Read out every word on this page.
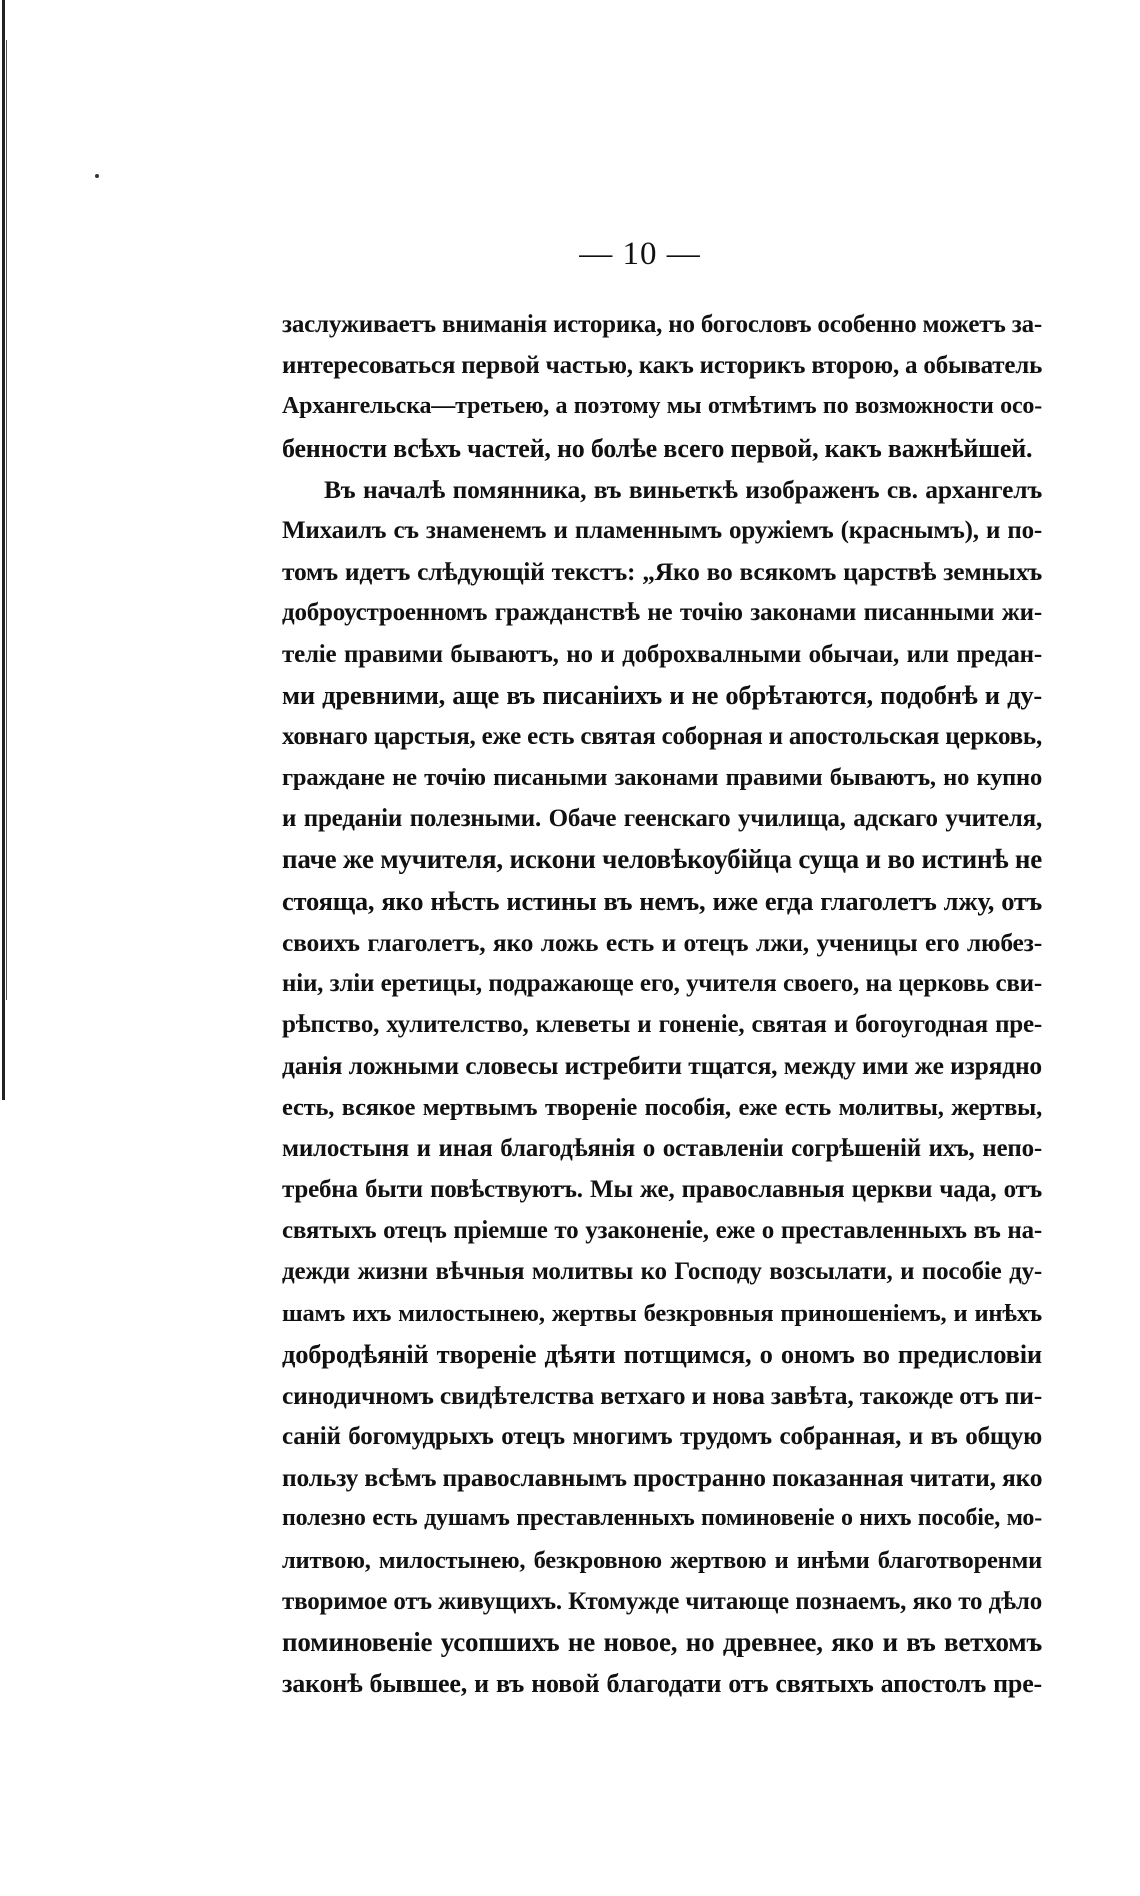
— 10 —
заслуживаетъ вниманія историка, но богословъ особенно можетъ за-
интересоваться первой частью, какъ историкъ второю, а обыватель
Архангельска—третьею, а поэтому мы отмѣтимъ по возможности осо-
бенности всѣхъ частей, но болѣе всего первой, какъ важнѣйшей.
Въ началѣ помянника, въ виньеткѣ изображенъ св. архангелъ
Михаилъ съ знаменемъ и пламеннымъ оружіемъ (краснымъ), и по-
томъ идетъ слѣдующій текстъ: „Яко во всякомъ царствѣ земныхъ
доброустроенномъ гражданствѣ не точію законами писанными жи-
теліе правими бываютъ, но и доброхвалными обычаи, или предан-
ми древними, аще въ писаніихъ и не обрѣтаются, подобнѣ и ду-
ховнаго царстыя, еже есть святая соборная и апостольская церковь,
граждане не точію писаными законами правими бываютъ, но купно
и преданіи полезными. Обаче геенскаго училища, адскаго учителя,
паче же мучителя, искони человѣкоубійца суща и во истинѣ не
стояща, яко нѣсть истины въ немъ, иже егда глаголетъ лжу, отъ
своихъ глаголетъ, яко ложь есть и отецъ лжи, ученицы его любез-
ніи, зліи еретицы, подражающе его, учителя своего, на церковь сви-
рѣпство, хулителство, клеветы и гоненіе, святая и богоугодная пре-
данія ложными словесы истребити тщатся, между ими же изрядно
есть, всякое мертвымъ твореніе пособія, еже есть молитвы, жертвы,
милостыня и иная благодѣянія о оставленіи согрѣшеній ихъ, непо-
требна быти повѣствуютъ. Мы же, православныя церкви чада, отъ
святыхъ отецъ пріемше то узаконеніе, еже о преставленныхъ въ на-
дежди жизни вѣчныя молитвы ко Господу возсылати, и пособіе ду-
шамъ ихъ милостынею, жертвы безкровныя приношеніемъ, и инѣхъ
добродѣяній твореніе дѣяти потщимся, о ономъ во предисловіи
синодичномъ свидѣтелства ветхаго и нова завѣта, такожде отъ пи-
саній богомудрыхъ отецъ многимъ трудомъ собранная, и въ общую
пользу всѣмъ православнымъ пространно показанная читати, яко
полезно есть душамъ преставленныхъ поминовеніе о нихъ пособіе, мо-
литвою, милостынею, безкровною жертвою и инѣми благотворенми
творимое отъ живущихъ. Ктомужде читающе познаемъ, яко то дѣло
поминовеніе усопшихъ не новое, но древнее, яко и въ ветхомъ
законѣ бывшее, и въ новой благодати отъ святыхъ апостолъ пре-
